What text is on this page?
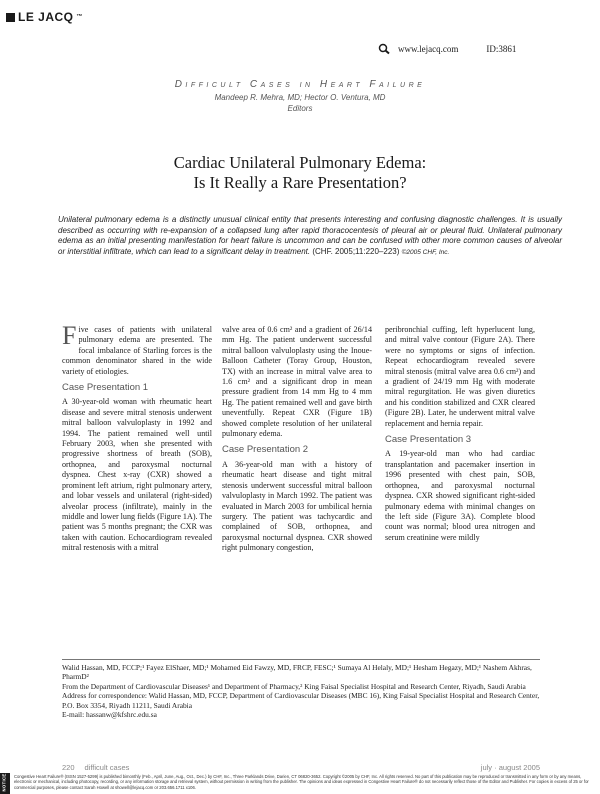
LE JACQ ™
www.lejacq.com	ID:3861
Difficult Cases in Heart Failure
Mandeep R. Mehra, MD; Hector O. Ventura, MD
Editors
Cardiac Unilateral Pulmonary Edema:
Is It Really a Rare Presentation?
Unilateral pulmonary edema is a distinctly unusual clinical entity that presents interesting and confusing diagnostic challenges. It is usually described as occurring with re-expansion of a collapsed lung after rapid thoracocentesis of pleural air or pleural fluid. Unilateral pulmonary edema as an initial presenting manifestation for heart failure is uncommon and can be confused with other more common causes of alveolar or interstitial infiltrate, which can lead to a significant delay in treatment. (CHF. 2005;11:220–223) ©2005 CHF, Inc.

Five cases of patients with unilateral pulmonary edema are presented. The focal imbalance of Starling forces is the common denominator shared in the wide variety of etiologies.

Case Presentation 1

A 30-year-old woman with rheumatic heart disease and severe mitral stenosis underwent mitral balloon valvuloplasty in 1992 and 1994. The patient remained well until February 2003, when she presented with progressive shortness of breath (SOB), orthopnea, and paroxysmal nocturnal dyspnea. Chest x-ray (CXR) showed a prominent left atrium, right pulmonary artery, and lobar vessels and unilateral (right-sided) alveolar process (infiltrate), mainly in the middle and lower lung fields (Figure 1A). The patient was 5 months pregnant; the CXR was taken with caution. Echocardiogram revealed mitral restenosis with a mitral

valve area of 0.6 cm² and a gradient of 26/14 mm Hg. The patient underwent successful mitral balloon valvuloplasty using the Inoue-Balloon Catheter (Toray Group, Houston, TX) with an increase in mitral valve area to 1.6 cm² and a significant drop in mean pressure gradient from 14 mm Hg to 4 mm Hg. The patient remained well and gave birth uneventfully. Repeat CXR (Figure 1B) showed complete resolution of her unilateral pulmonary edema.

Case Presentation 2

A 36-year-old man with a history of rheumatic heart disease and tight mitral stenosis underwent successful mitral balloon valvuloplasty in March 1992. The patient was evaluated in March 2003 for umbilical hernia surgery. The patient was tachycardic and complained of SOB, orthopnea, and paroxysmal nocturnal dyspnea. CXR showed right pulmonary congestion,

peribronchial cuffing, left hyperlucent lung, and mitral valve contour (Figure 2A). There were no symptoms or signs of infection. Repeat echocardiogram revealed severe mitral stenosis (mitral valve area 0.6 cm²) and a gradient of 24/19 mm Hg with moderate mitral regurgitation. He was given diuretics and his condition stabilized and CXR cleared (Figure 2B). Later, he underwent mitral valve replacement and hernia repair.

Case Presentation 3

A 19-year-old man who had cardiac transplantation and pacemaker insertion in 1996 presented with chest pain, SOB, orthopnea, and paroxysmal nocturnal dyspnea. CXR showed significant right-sided pulmonary edema with minimal changes on the left side (Figure 3A). Complete blood count was normal; blood urea nitrogen and serum creatinine were mildly

Walid Hassan, MD, FCCP;¹ Fayez ElShaer, MD;¹ Mohamed Eid Fawzy, MD, FRCP, FESC;¹ Sumaya Al Helaly, MD;¹ Hesham Hegazy, MD;¹ Nashem Akhras, PharmD²
From the Department of Cardiovascular Diseases¹ and Department of Pharmacy,² King Faisal Specialist Hospital and Research Center, Riyadh, Saudi Arabia
Address for correspondence: Walid Hassan, MD, FCCP, Department of Cardiovascular Diseases (MBC 16), King Faisal Specialist Hospital and Research Center, P.O. Box 3354, Riyadh 11211, Saudi Arabia
E-mail: hassanw@kfshrc.edu.sa
220 difficult cases	july · august 2005
NOTICE Congestive Heart Failure® (ISSN 1527-5299) is published bimonthly (Feb., April, June, Aug., Oct., Dec.) by CHF, Inc., Three Parklands Drive, Darien, CT 06820-3652. Copyright ©2005 by CHF, Inc. All rights reserved. No part of this publication may be reproduced or transmitted in any form or by any means, electronic or mechanical, including photocopy, recording, or any information storage and retrieval system, without permission in writing from the publisher. The opinions and ideas expressed in Congestive Heart Failure® do not necessarily reflect those of the Editor and Publisher. For copies in excess of 25 or for commercial purposes, please contact Sarah Howell at showell@lejacq.com or 203.656.1711 x106.
